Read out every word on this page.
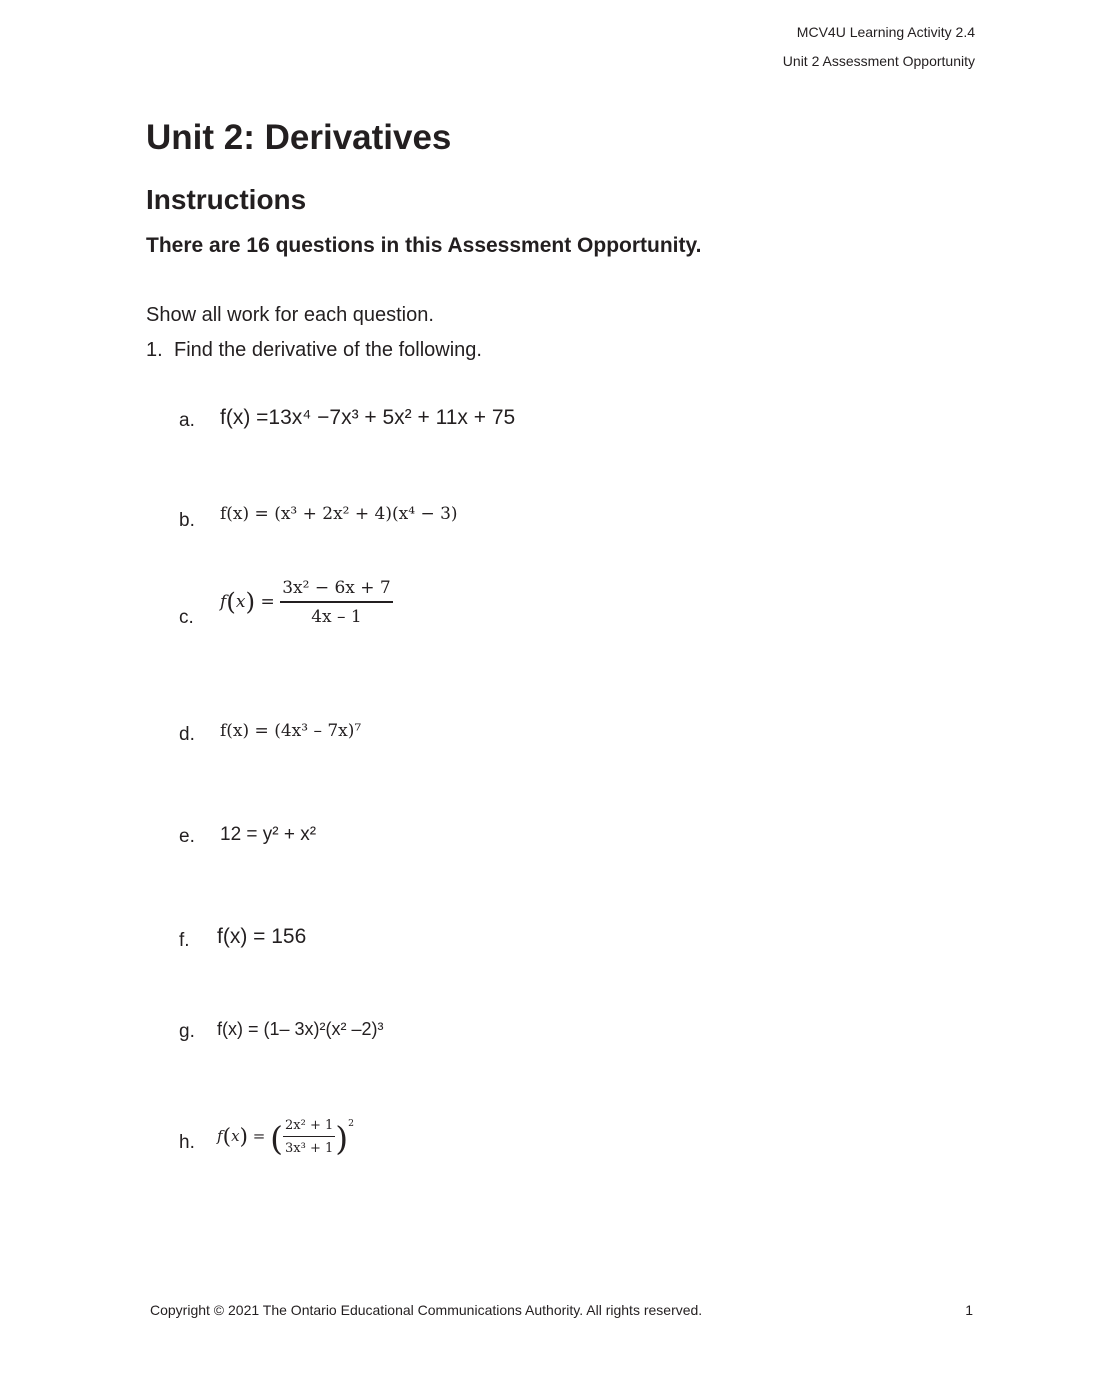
MCV4U Learning Activity 2.4
Unit 2 Assessment Opportunity
Unit 2: Derivatives
Instructions

There are 16 questions in this Assessment Opportunity.

Show all work for each question.
1. Find the derivative of the following.
a. f(x) =13x⁴ −7x³ + 5x² + 11x + 75
b. f(x) = (x³ + 2x² + 4)(x⁴ − 3)
c.
$f(x) = \frac{\text{3x² − 6x + 7}}{4x - 1}$
d. f(x) = (4x³ – 7x)⁷
e. 12 = y² + x²
f. f(x) = 156
g. f(x) = (1– 3x)²(x² –2)³
h. f(x) = ( $\frac{\text{2x² + 1}}{\text{3x³ + 1}} )^2$
Copyright © 2021 The Ontario Educational Communications Authority. All rights reserved.	1
